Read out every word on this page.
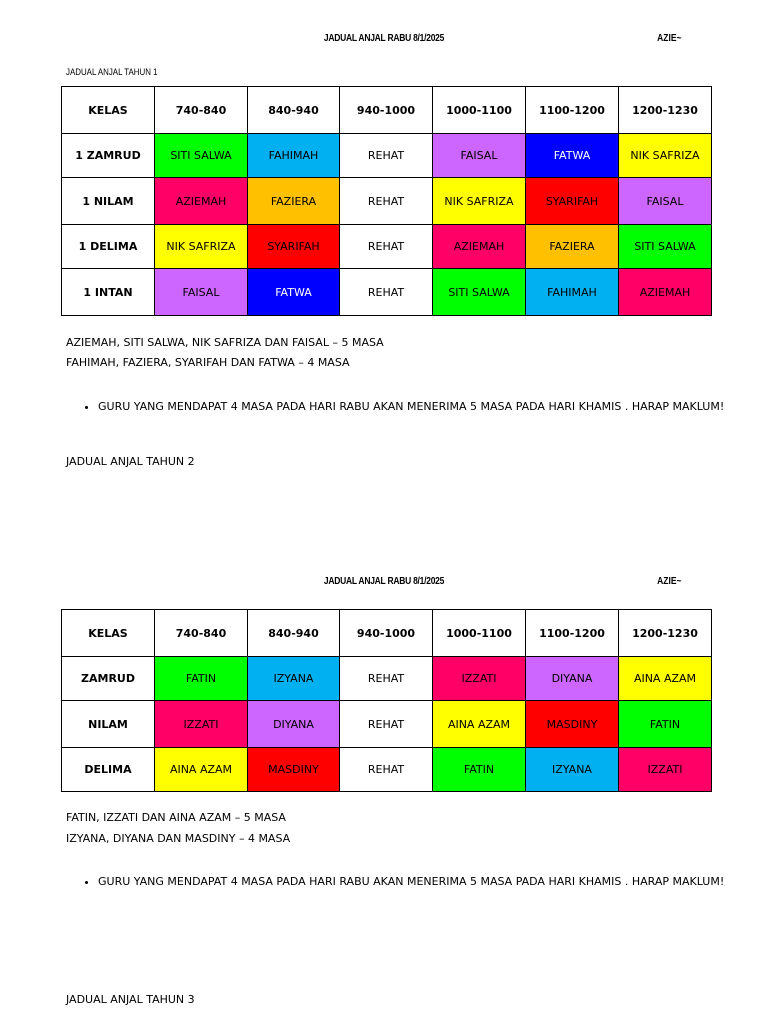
JADUAL ANJAL RABU 8/1/2025	AZIE~
JADUAL ANJAL TAHUN 1
KELAS	740-840	840-940	940-1000	1000-1100	1100-1200	1200-1230
1 ZAMRUD	SITI SALWA	FAHIMAH	REHAT	FAISAL	FATWA	NIK SAFRIZA
1 NILAM	AZIEMAH	FAZIERA	REHAT	NIK SAFRIZA	SYARIFAH	FAISAL
1 DELIMA	NIK SAFRIZA	SYARIFAH	REHAT	AZIEMAH	FAZIERA	SITI SALWA
1 INTAN	FAISAL	FATWA	REHAT	SITI SALWA	FAHIMAH	AZIEMAH
AZIEMAH, SITI SALWA, NIK SAFRIZA DAN FAISAL – 5 MASA
FAHIMAH, FAZIERA, SYARIFAH DAN FATWA – 4 MASA
• GURU YANG MENDAPAT 4 MASA PADA HARI RABU AKAN MENERIMA 5 MASA PADA HARI KHAMIS . HARAP MAKLUM!
JADUAL ANJAL TAHUN 2
JADUAL ANJAL RABU 8/1/2025	AZIE~
KELAS	740-840	840-940	940-1000	1000-1100	1100-1200	1200-1230
ZAMRUD	FATIN	IZYANA	REHAT	IZZATI	DIYANA	AINA AZAM
NILAM	IZZATI	DIYANA	REHAT	AINA AZAM	MASDINY	FATIN
DELIMA	AINA AZAM	MASDINY	REHAT	FATIN	IZYANA	IZZATI
FATIN, IZZATI DAN AINA AZAM – 5 MASA
IZYANA, DIYANA DAN MASDINY – 4 MASA
• GURU YANG MENDAPAT 4 MASA PADA HARI RABU AKAN MENERIMA 5 MASA PADA HARI KHAMIS . HARAP MAKLUM!
JADUAL ANJAL TAHUN 3
